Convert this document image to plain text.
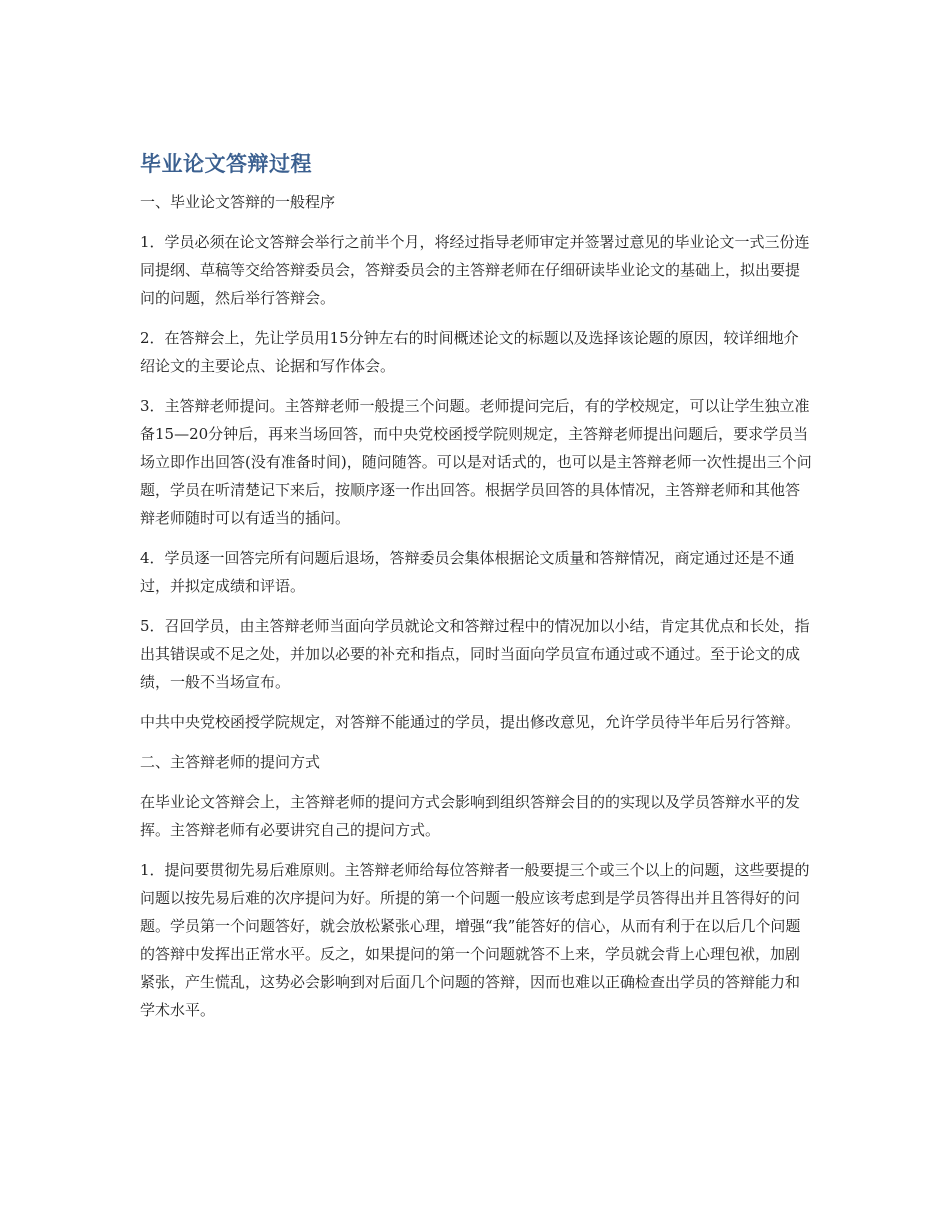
毕业论文答辩过程

一、毕业论文答辩的一般程序

1．学员必须在论文答辩会举行之前半个月，将经过指导老师审定并签署过意见的毕业论文一式三份连同提纲、草稿等交给答辩委员会，答辩委员会的主答辩老师在仔细研读毕业论文的基础上，拟出要提问的问题，然后举行答辩会。

2．在答辩会上，先让学员用15分钟左右的时间概述论文的标题以及选择该论题的原因，较详细地介绍论文的主要论点、论据和写作体会。

3．主答辩老师提问。主答辩老师一般提三个问题。老师提问完后，有的学校规定，可以让学生独立准备15—20分钟后，再来当场回答，而中央党校函授学院则规定，主答辩老师提出问题后，要求学员当场立即作出回答(没有准备时间)，随问随答。可以是对话式的，也可以是主答辩老师一次性提出三个问题，学员在听清楚记下来后，按顺序逐一作出回答。根据学员回答的具体情况，主答辩老师和其他答辩老师随时可以有适当的插问。

4．学员逐一回答完所有问题后退场，答辩委员会集体根据论文质量和答辩情况，商定通过还是不通过，并拟定成绩和评语。

5．召回学员，由主答辩老师当面向学员就论文和答辩过程中的情况加以小结，肯定其优点和长处，指出其错误或不足之处，并加以必要的补充和指点，同时当面向学员宣布通过或不通过。至于论文的成绩，一般不当场宣布。

中共中央党校函授学院规定，对答辩不能通过的学员，提出修改意见，允许学员待半年后另行答辩。

二、主答辩老师的提问方式

在毕业论文答辩会上，主答辩老师的提问方式会影响到组织答辩会目的的实现以及学员答辩水平的发挥。主答辩老师有必要讲究自己的提问方式。

1．提问要贯彻先易后难原则。主答辩老师给每位答辩者一般要提三个或三个以上的问题，这些要提的问题以按先易后难的次序提问为好。所提的第一个问题一般应该考虑到是学员答得出并且答得好的问题。学员第一个问题答好，就会放松紧张心理，增强“我”能答好的信心，从而有利于在以后几个问题的答辩中发挥出正常水平。反之，如果提问的第一个问题就答不上来，学员就会背上心理包袱，加剧紧张，产生慌乱，这势必会影响到对后面几个问题的答辩，因而也难以正确检查出学员的答辩能力和学术水平。
